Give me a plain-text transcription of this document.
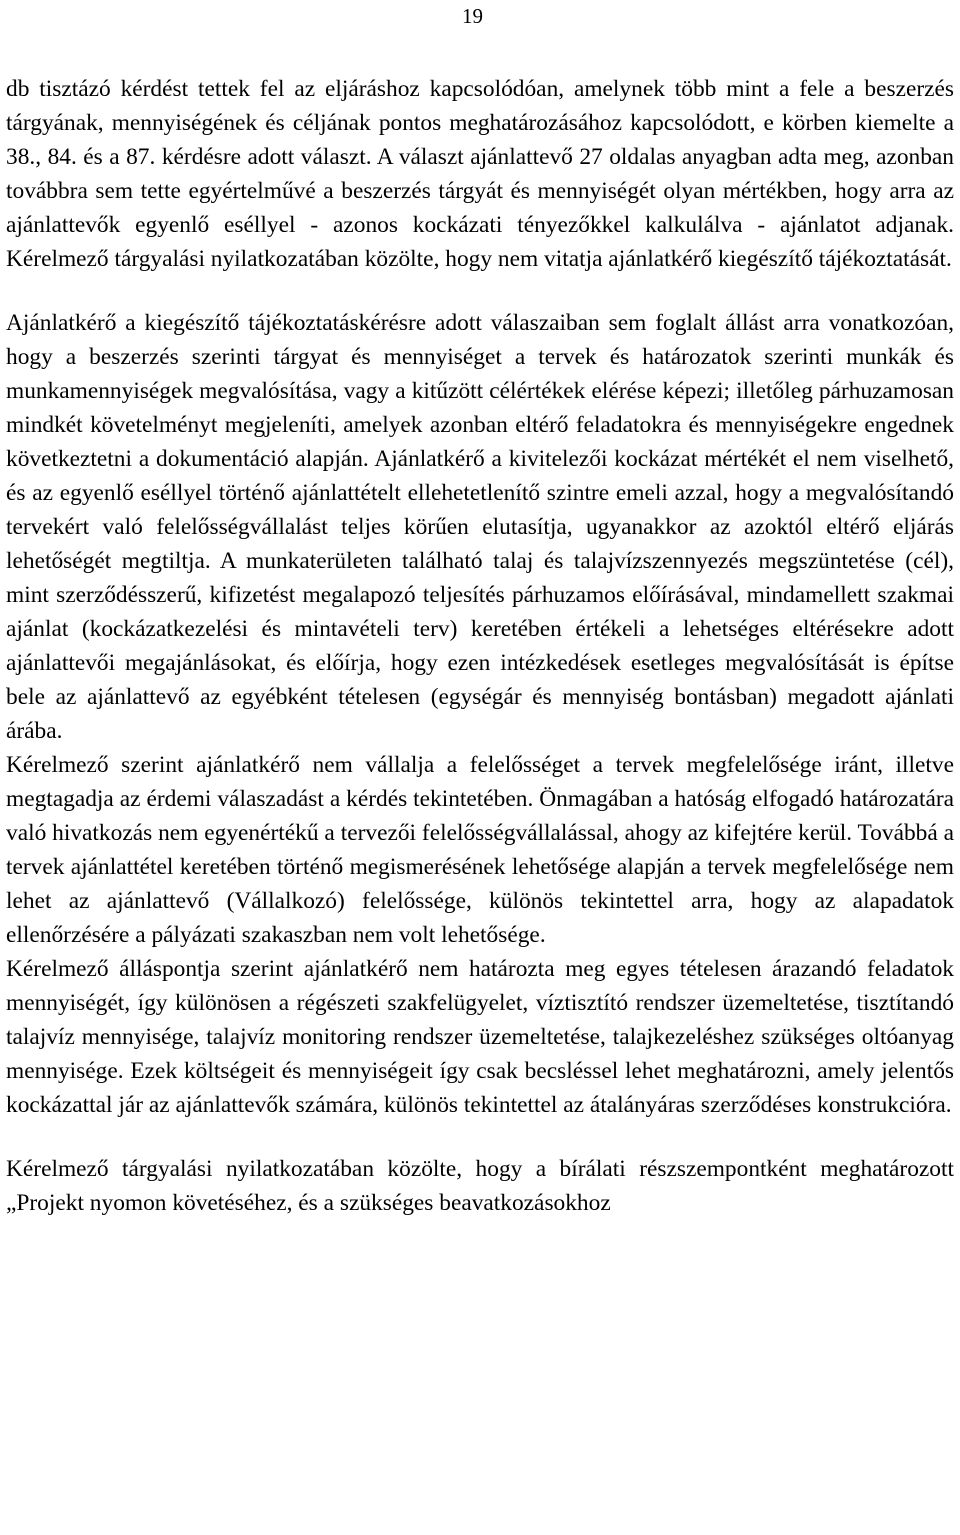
19

db tisztázó kérdést tettek fel az eljáráshoz kapcsolódóan, amelynek több mint a fele a beszerzés tárgyának, mennyiségének és céljának pontos meghatározásához kapcsolódott, e körben kiemelte a 38., 84. és a 87. kérdésre adott választ. A választ ajánlattevő 27 oldalas anyagban adta meg, azonban továbbra sem tette egyértelművé a beszerzés tárgyát és mennyiségét olyan mértékben, hogy arra az ajánlattevők egyenlő eséllyel - azonos kockázati tényezőkkel kalkulálva - ajánlatot adjanak. Kérelmező tárgyalási nyilatkozatában közölte, hogy nem vitatja ajánlatkérő kiegészítő tájékoztatását.

Ajánlatkérő a kiegészítő tájékoztatáskérésre adott válaszaiban sem foglalt állást arra vonatkozóan, hogy a beszerzés szerinti tárgyat és mennyiséget a tervek és határozatok szerinti munkák és munkamennyiségek megvalósítása, vagy a kitűzött célértékek elérése képezi; illetőleg párhuzamosan mindkét követelményt megjeleníti, amelyek azonban eltérő feladatokra és mennyiségekre engednek következtetni a dokumentáció alapján. Ajánlatkérő a kivitelezői kockázat mértékét el nem viselhető, és az egyenlő eséllyel történő ajánlattételt ellehetetlenítő szintre emeli azzal, hogy a megvalósítandó tervekért való felelősségvállalást teljes körűen elutasítja, ugyanakkor az azoktól eltérő eljárás lehetőségét megtiltja. A munkaterületen található talaj és talajvízszennyezés megszüntetése (cél), mint szerződésszerű, kifizetést megalapozó teljesítés párhuzamos előírásával, mindamellett szakmai ajánlat (kockázatkezelési és mintavételi terv) keretében értékeli a lehetséges eltérésekre adott ajánlattevői megajánlásokat, és előírja, hogy ezen intézkedések esetleges megvalósítását is építse bele az ajánlattevő az egyébként tételesen (egységár és mennyiség bontásban) megadott ajánlati árába.

Kérelmező szerint ajánlatkérő nem vállalja a felelősséget a tervek megfelelősége iránt, illetve megtagadja az érdemi válaszadást a kérdés tekintetében. Önmagában a hatóság elfogadó határozatára való hivatkozás nem egyenértékű a tervezői felelősségvállalással, ahogy az kifejtére kerül. Továbbá a tervek ajánlattétel keretében történő megismerésének lehetősége alapján a tervek megfelelősége nem lehet az ajánlattevő (Vállalkozó) felelőssége, különös tekintettel arra, hogy az alapadatok ellenőrzésére a pályázati szakaszban nem volt lehetősége.

Kérelmező álláspontja szerint ajánlatkérő nem határozta meg egyes tételesen árazandó feladatok mennyiségét, így különösen a régészeti szakfelügyelet, víztisztító rendszer üzemeltetése, tisztítandó talajvíz mennyisége, talajvíz monitoring rendszer üzemeltetése, talajkezeléshez szükséges oltóanyag mennyisége. Ezek költségeit és mennyiségeit így csak becsléssel lehet meghatározni, amely jelentős kockázattal jár az ajánlattevők számára, különös tekintettel az átalányáras szerződéses konstrukcióra.

Kérelmező tárgyalási nyilatkozatában közölte, hogy a bírálati részszempontként meghatározott „Projekt nyomon követéséhez, és a szükséges beavatkozásokhoz
